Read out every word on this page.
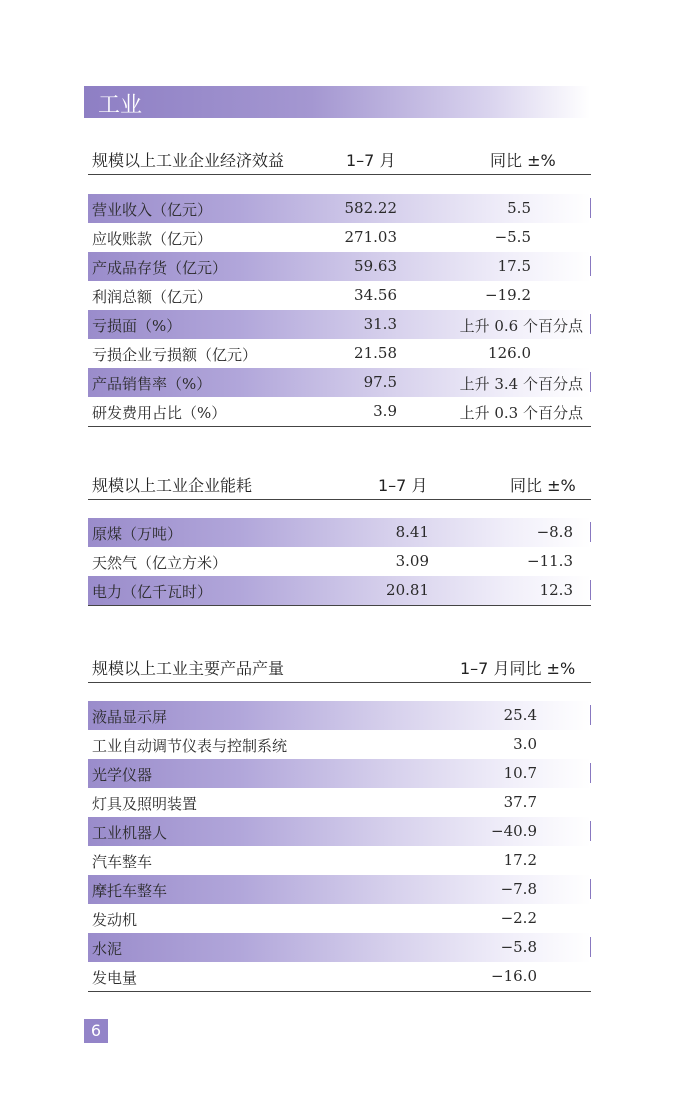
工业
规模以上工业企业经济效益	1–7 月	同比 ±%
营业收入（亿元）	582.22	5.5
应收账款（亿元）	271.03	−5.5
产成品存货（亿元）	59.63	17.5
利润总额（亿元）	34.56	−19.2
亏损面（%）	31.3	上升 0.6 个百分点
亏损企业亏损额（亿元）	21.58	126.0
产品销售率（%）	97.5	上升 3.4 个百分点
研发费用占比（%）	3.9	上升 0.3 个百分点
规模以上工业企业能耗	1–7 月	同比 ±%
原煤（万吨）	8.41	−8.8
天然气（亿立方米）	3.09	−11.3
电力（亿千瓦时）	20.81	12.3
规模以上工业主要产品产量	1–7 月同比 ±%
液晶显示屏	25.4
工业自动调节仪表与控制系统	3.0
光学仪器	10.7
灯具及照明装置	37.7
工业机器人	−40.9
汽车整车	17.2
摩托车整车	−7.8
发动机	−2.2
水泥	−5.8
发电量	−16.0
6
